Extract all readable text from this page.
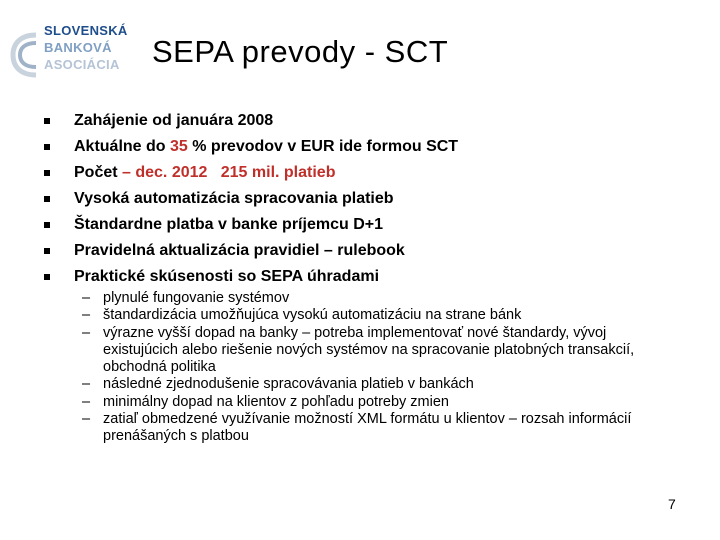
SLOVENSKÁ
BANKOVÁ
ASOCIÁCIA SEPA prevody - SCT
Zahájenie od januára 2008
Aktuálne do 35 % prevodov v EUR ide formou SCT
Počet – dec. 2012   215 mil. platieb
Vysoká automatizácia spracovania platieb
Štandardne platba v banke príjemcu D+1
Pravidelná aktualizácia pravidiel – rulebook
Praktické skúsenosti so SEPA úhradami
– plynulé fungovanie systémov
– štandardizácia umožňujúca vysokú automatizáciu na strane bánk
– výrazne vyšší dopad na banky – potreba implementovať nové štandardy, vývoj existujúcich alebo riešenie nových systémov na spracovanie platobných transakcií, obchodná politika
– následné zjednodušenie spracovávania platieb v bankách
– minimálny dopad na klientov z pohľadu potreby zmien
– zatiaľ obmedzené využívanie možností XML formátu u klientov – rozsah informácií prenášaných s platbou
7
